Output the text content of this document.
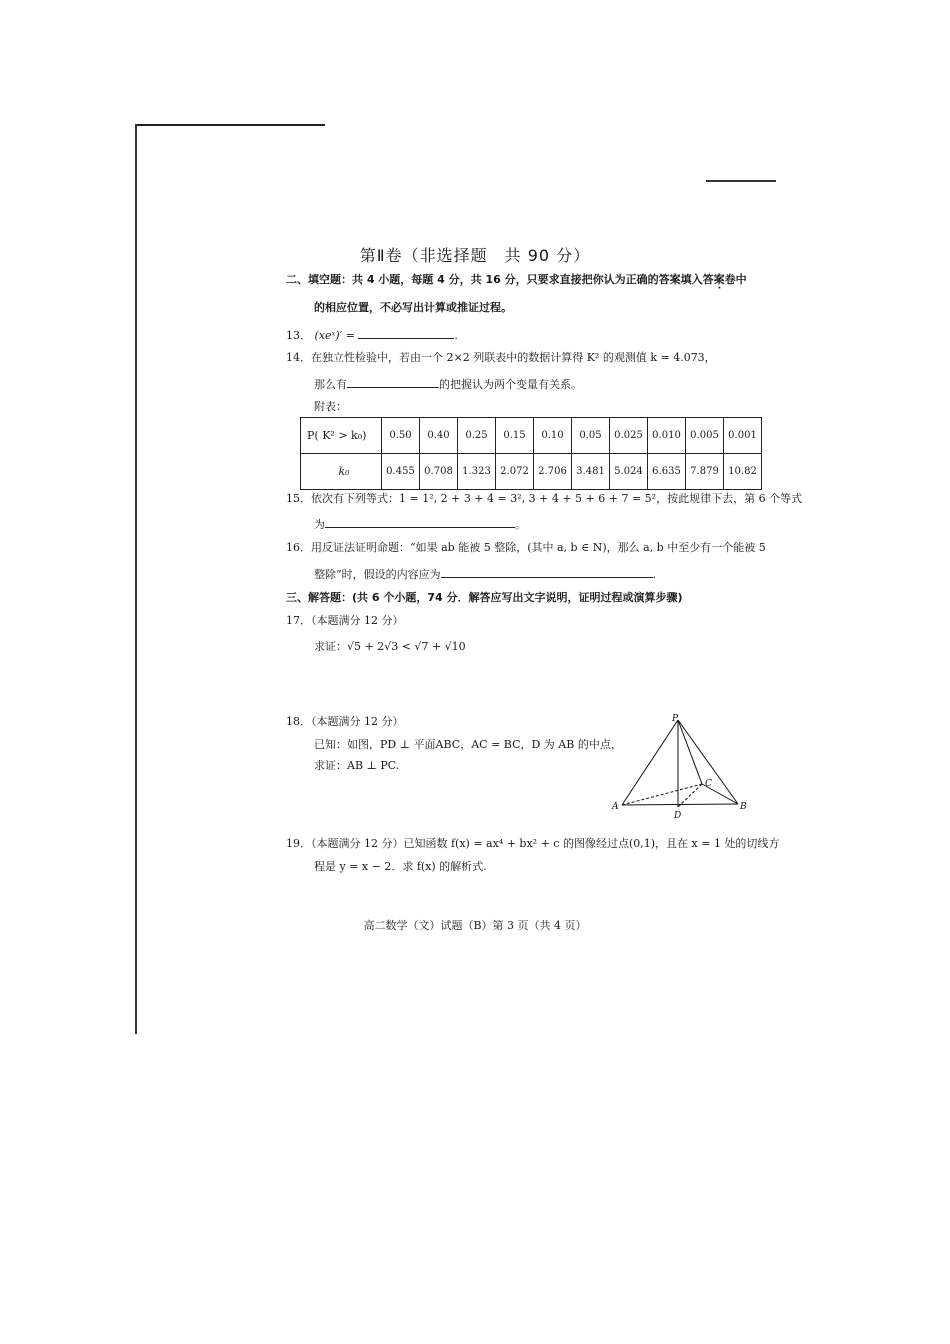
第Ⅱ卷（非选择题　共 90 分）
二、填空题：共 4 小题，每题 4 分，共 16 分，只要求直接把你认为正确的答案填入答案卷中
的相应位置，不必写出计算或推证过程。
13． (xeˣ)′ =	.
14．在独立性检验中，若由一个 2×2 列联表中的数据计算得 K² 的观测值 k = 4.073，
那么有	的把握认为两个变量有关系。
附表：
P( K² > k₀)	0.50	0.40	0.25	0.15	0.10	0.05	0.025	0.010	0.005	0.001
k₀	0.455	0.708	1.323	2.072	2.706	3.481	5.024	6.635	7.879	10.82
15．依次有下列等式：1 = 1², 2 + 3 + 4 = 3², 3 + 4 + 5 + 6 + 7 = 5²，按此规律下去，第 6 个等式
为	。
16．用反证法证明命题：“如果 ab 能被 5 整除，(其中 a, b ∈ N)，那么 a, b 中至少有一个能被 5
整除”时，假设的内容应为	.
三、解答题：(共 6 个小题，74 分．解答应写出文字说明，证明过程或演算步骤)
17．（本题满分 12 分）
求证：√5 + 2√3 < √7 + √10
18．（本题满分 12 分）
已知：如图，PD ⊥ 平面ABC，AC = BC，D 为 AB 的中点，
求证：AB ⊥ PC.
P
A	B
C
D
19．（本题满分 12 分）已知函数 f(x) = ax⁴ + bx² + c 的图像经过点(0,1)，且在 x = 1 处的切线方
程是 y = x − 2．求 f(x) 的解析式.
高二数学（文）试题（B）第 3 页（共 4 页）
